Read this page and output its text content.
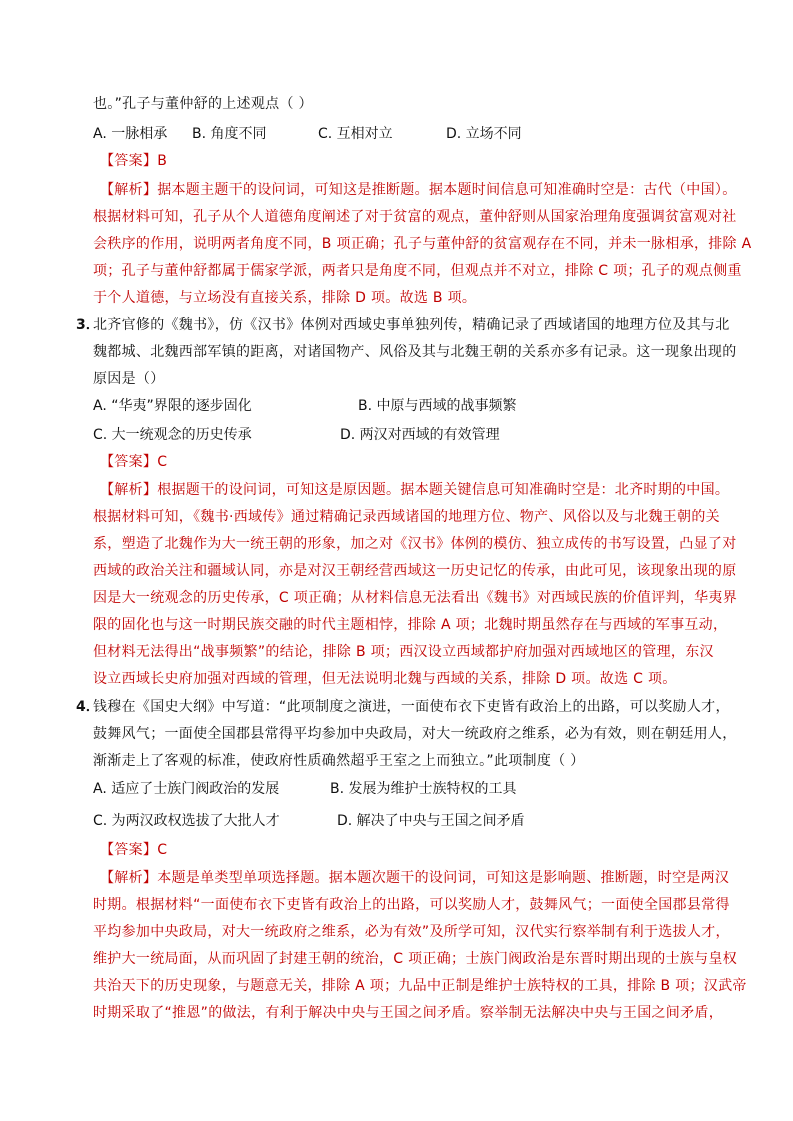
也。”孔子与董仲舒的上述观点（ ）
A. 一脉相承 B. 角度不同	C. 互相对立	D. 立场不同
【答案】B
【解析】据本题主题干的设问词，可知这是推断题。据本题时间信息可知准确时空是：古代（中国）。
根据材料可知，孔子从个人道德角度阐述了对于贫富的观点，董仲舒则从国家治理角度强调贫富观对社
会秩序的作用，说明两者角度不同，B 项正确；孔子与董仲舒的贫富观存在不同，并未一脉相承，排除 A
项；孔子与董仲舒都属于儒家学派，两者只是角度不同，但观点并不对立，排除 C 项；孔子的观点侧重
于个人道德，与立场没有直接关系，排除 D 项。故选 B 项。
3．
北齐官修的《魏书》，仿《汉书》体例对西域史事单独列传，精确记录了西域诸国的地理方位及其与北
魏都城、北魏西部军镇的距离，对诸国物产、风俗及其与北魏王朝的关系亦多有记录。这一现象出现的
原因是（）
A. “华夷”界限的逐步固化	B. 中原与西域的战事频繁
C. 大一统观念的历史传承	D. 两汉对西域的有效管理
【答案】C
【解析】根据题干的设问词，可知这是原因题。据本题关键信息可知准确时空是：北齐时期的中国。
根据材料可知，《魏书·西域传》通过精确记录西域诸国的地理方位、物产、风俗以及与北魏王朝的关
系，塑造了北魏作为大一统王朝的形象，加之对《汉书》体例的模仿、独立成传的书写设置，凸显了对
西域的政治关注和疆域认同，亦是对汉王朝经营西域这一历史记忆的传承，由此可见，该现象出现的原
因是大一统观念的历史传承，C 项正确；从材料信息无法看出《魏书》对西域民族的价值评判，华夷界
限的固化也与这一时期民族交融的时代主题相悖，排除 A 项；北魏时期虽然存在与西域的军事互动，
但材料无法得出“战事频繁”的结论，排除 B 项；西汉设立西域都护府加强对西域地区的管理，东汉
设立西域长史府加强对西域的管理，但无法说明北魏与西域的关系，排除 D 项。故选 C 项。
4．
钱穆在《国史大纲》中写道：“此项制度之演进，一面使布衣下吏皆有政治上的出路，可以奖励人才，
鼓舞风气；一面使全国郡县常得平均参加中央政局，对大一统政府之维系，必为有效，则在朝廷用人，
渐渐走上了客观的标准，使政府性质确然超乎王室之上而独立。”此项制度（ ）
A. 适应了士族门阀政治的发展	B. 发展为维护士族特权的工具
C. 为两汉政权选拔了大批人才	D. 解决了中央与王国之间矛盾
【答案】C
【解析】本题是单类型单项选择题。据本题次题干的设问词，可知这是影响题、推断题，时空是两汉
时期。根据材料“一面使布衣下吏皆有政治上的出路，可以奖励人才，鼓舞风气；一面使全国郡县常得
平均参加中央政局，对大一统政府之维系，必为有效”及所学可知，汉代实行察举制有利于选拔人才，
维护大一统局面，从而巩固了封建王朝的统治，C 项正确；士族门阀政治是东晋时期出现的士族与皇权
共治天下的历史现象，与题意无关，排除 A 项；九品中正制是维护士族特权的工具，排除 B 项；汉武帝
时期采取了“推恩”的做法，有利于解决中央与王国之间矛盾。察举制无法解决中央与王国之间矛盾，
